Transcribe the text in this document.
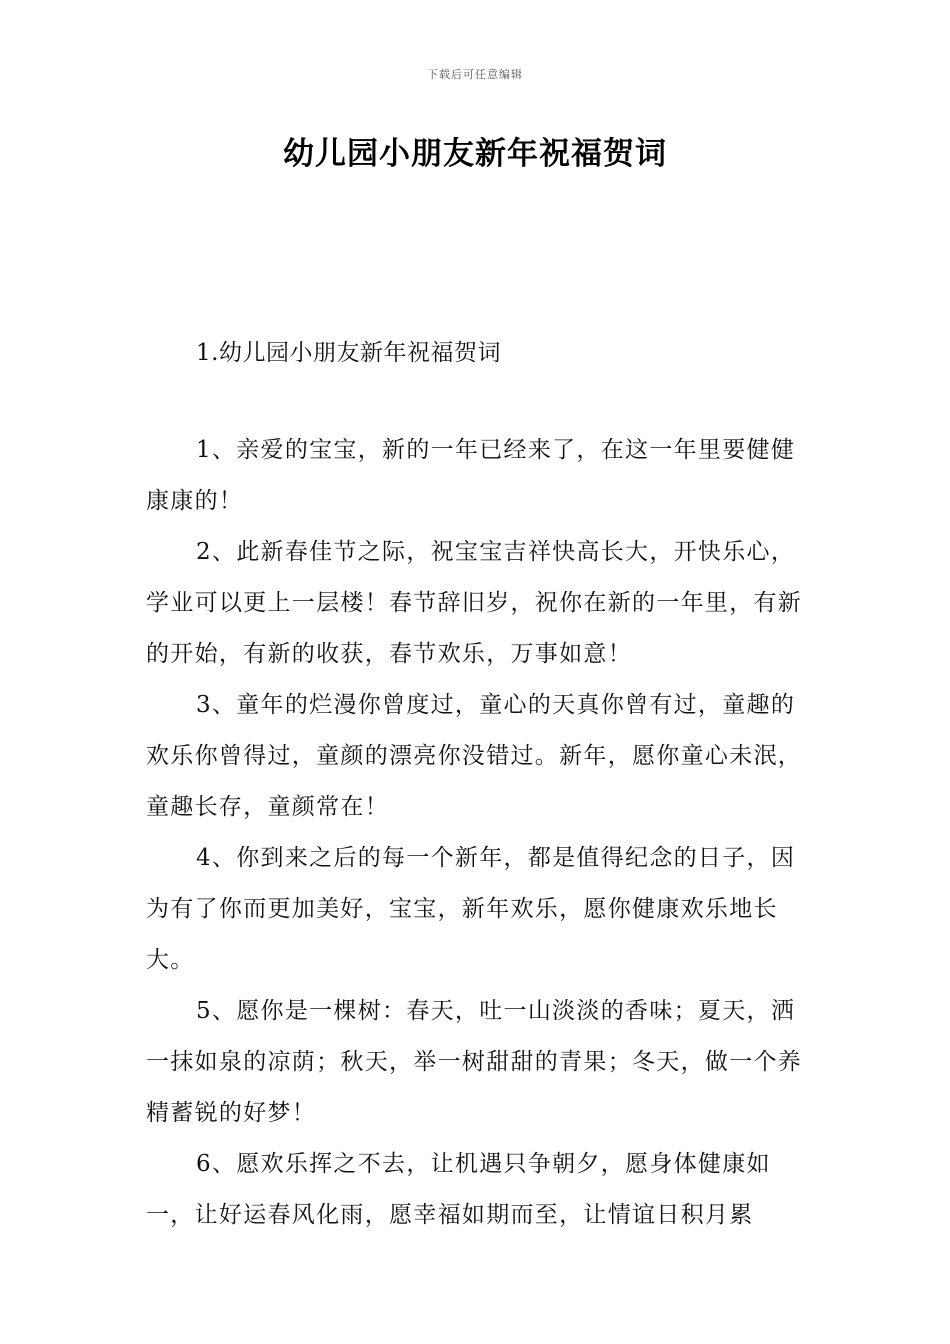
下载后可任意编辑
幼儿园小朋友新年祝福贺词
1.幼儿园小朋友新年祝福贺词

1、亲爱的宝宝，新的一年已经来了，在这一年里要健健康康的！

2、此新春佳节之际，祝宝宝吉祥快高长大，开快乐心，学业可以更上一层楼！春节辞旧岁，祝你在新的一年里，有新的开始，有新的收获，春节欢乐，万事如意！

3、童年的烂漫你曾度过，童心的天真你曾有过，童趣的欢乐你曾得过，童颜的漂亮你没错过。新年，愿你童心未泯，童趣长存，童颜常在！

4、你到来之后的每一个新年，都是值得纪念的日子，因为有了你而更加美好，宝宝，新年欢乐，愿你健康欢乐地长大。

5、愿你是一棵树：春天，吐一山淡淡的香味；夏天，洒一抹如泉的凉荫；秋天，举一树甜甜的青果；冬天，做一个养精蓄锐的好梦！

6、愿欢乐挥之不去，让机遇只争朝夕，愿身体健康如一，让好运春风化雨，愿幸福如期而至，让情谊日积月累
